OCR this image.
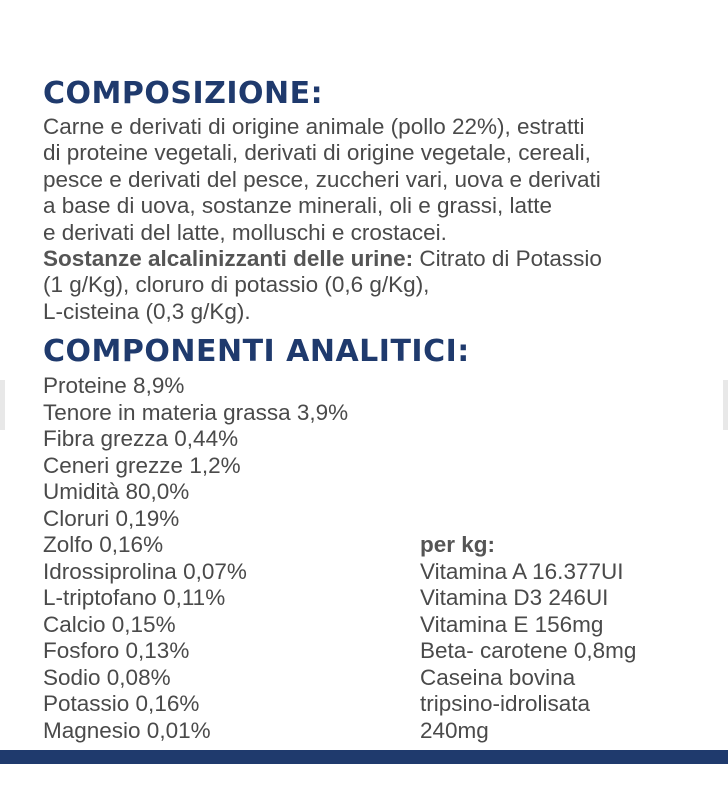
COMPOSIZIONE:

Carne e derivati di origine animale (pollo 22%), estratti
di proteine vegetali, derivati di origine vegetale, cereali,
pesce e derivati del pesce, zuccheri vari, uova e derivati
a base di uova, sostanze minerali, oli e grassi, latte
e derivati del latte, molluschi e crostacei.
Sostanze alcalinizzanti delle urine: Citrato di Potassio
(1 g/Kg), cloruro di potassio (0,6 g/Kg),
L-cisteina (0,3 g/Kg).

COMPONENTI ANALITICI:
Proteine 8,9%
Tenore in materia grassa 3,9%
Fibra grezza 0,44%
Ceneri grezze 1,2%
Umidità 80,0%
Cloruri 0,19%
Zolfo 0,16%
Idrossiprolina 0,07%
L-triptofano 0,11%
Calcio 0,15%
Fosforo 0,13%
Sodio 0,08%
Potassio 0,16%
Magnesio 0,01%
per kg:
Vitamina A 16.377UI
Vitamina D3 246UI
Vitamina E 156mg
Beta- carotene 0,8mg
Caseina bovina
tripsino-idrolisata
240mg
